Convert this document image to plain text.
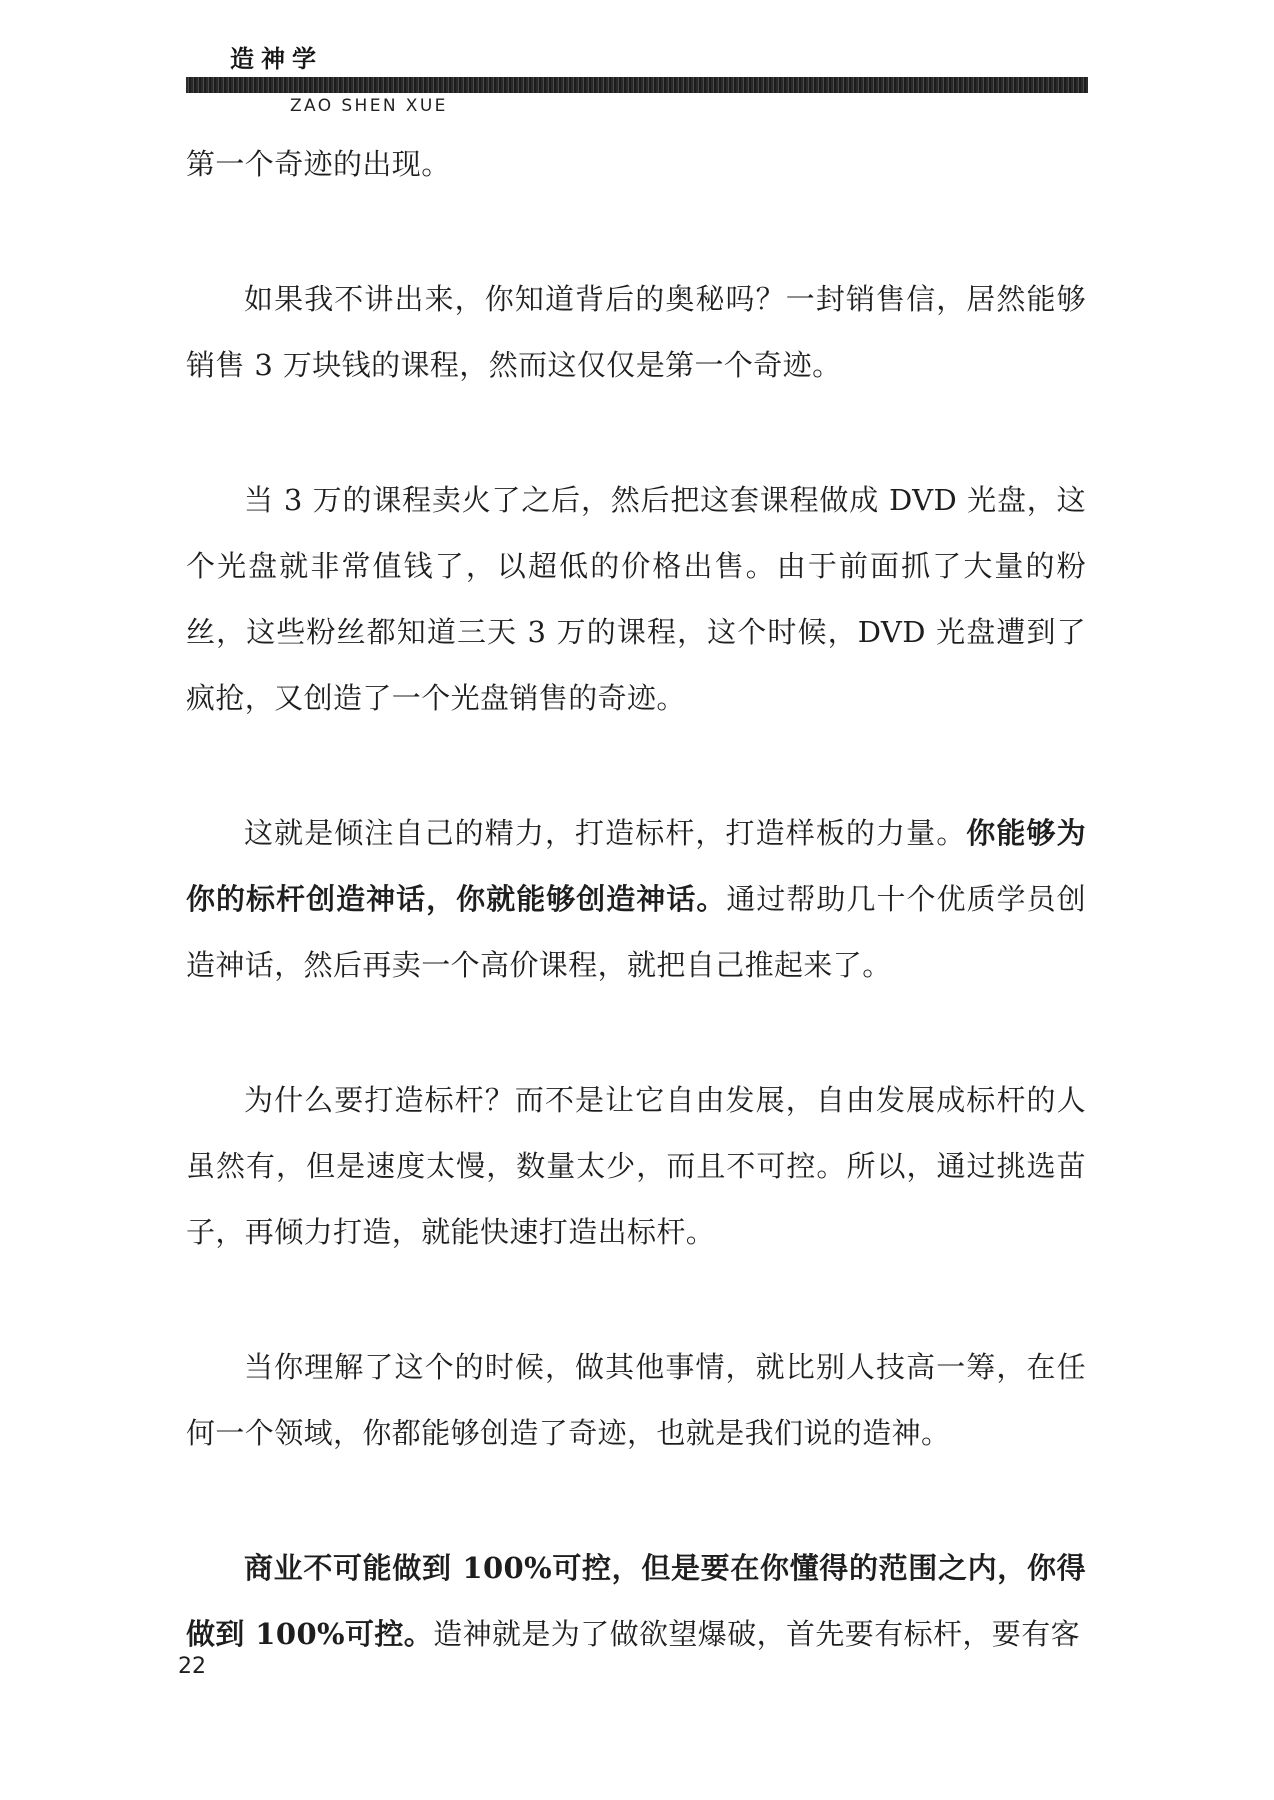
造神学
ZAO SHEN XUE

第一个奇迹的出现。

如果我不讲出来，你知道背后的奥秘吗？一封销售信，居然能够销售 3 万块钱的课程，然而这仅仅是第一个奇迹。

当 3 万的课程卖火了之后，然后把这套课程做成 DVD 光盘，这个光盘就非常值钱了，以超低的价格出售。由于前面抓了大量的粉丝，这些粉丝都知道三天 3 万的课程，这个时候，DVD 光盘遭到了疯抢，又创造了一个光盘销售的奇迹。

这就是倾注自己的精力，打造标杆，打造样板的力量。你能够为你的标杆创造神话，你就能够创造神话。通过帮助几十个优质学员创造神话，然后再卖一个高价课程，就把自己推起来了。

为什么要打造标杆？而不是让它自由发展，自由发展成标杆的人虽然有，但是速度太慢，数量太少，而且不可控。所以，通过挑选苗子，再倾力打造，就能快速打造出标杆。

当你理解了这个的时候，做其他事情，就比别人技高一筹，在任何一个领域，你都能够创造了奇迹，也就是我们说的造神。

商业不可能做到 100%可控，但是要在你懂得的范围之内，你得做到 100%可控。造神就是为了做欲望爆破，首先要有标杆，要有客

22
